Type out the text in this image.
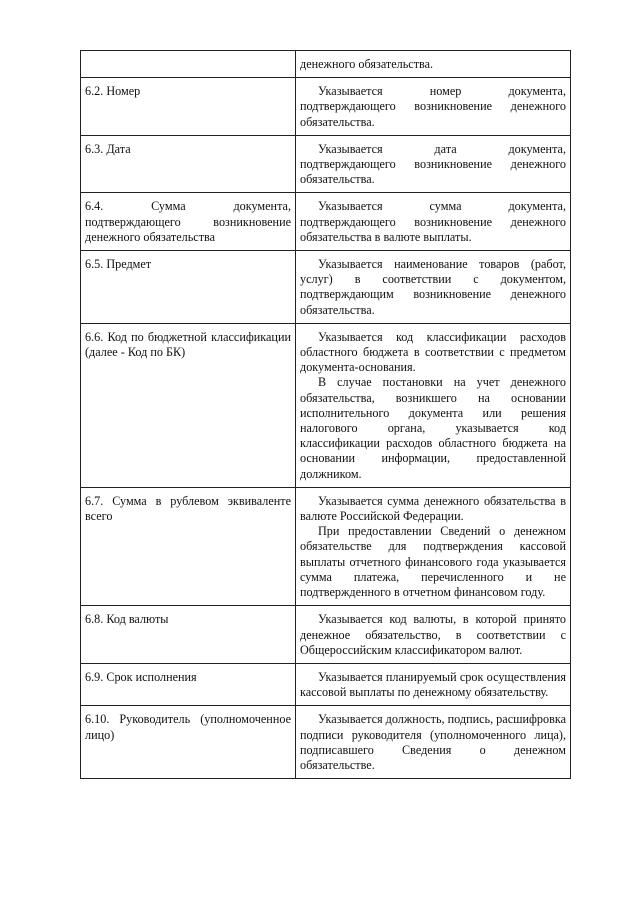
	денежного обязательства.

6.2. Номер	Указывается номер документа, подтверждающего возникновение денежного обязательства.

6.3. Дата	Указывается дата документа, подтверждающего возникновение денежного обязательства.

6.4. Сумма документа, подтверждающего возникновение денежного обязательства	Указывается сумма документа, подтверждающего возникновение денежного обязательства в валюте выплаты.

6.5. Предмет	Указывается наименование товаров (работ, услуг) в соответствии с документом, подтверждающим возникновение денежного обязательства.

6.6. Код по бюджетной классификации (далее - Код по БК)	Указывается код классификации расходов областного бюджета в соответствии с предметом документа-основания.

В случае постановки на учет денежного обязательства, возникшего на основании исполнительного документа или решения налогового органа, указывается код классификации расходов областного бюджета на основании информации, предоставленной должником.

6.7. Сумма в рублевом эквиваленте всего	Указывается сумма денежного обязательства в валюте Российской Федерации.

При предоставлении Сведений о денежном обязательстве для подтверждения кассовой выплаты отчетного финансового года указывается сумма платежа, перечисленного и не подтвержденного в отчетном финансовом году.

6.8. Код валюты	Указывается код валюты, в которой принято денежное обязательство, в соответствии с Общероссийским классификатором валют.

6.9. Срок исполнения	Указывается планируемый срок осуществления кассовой выплаты по денежному обязательству.

6.10. Руководитель (уполномоченное лицо)	Указывается должность, подпись, расшифровка подписи руководителя (уполномоченного лица), подписавшего Сведения о денежном обязательстве.
